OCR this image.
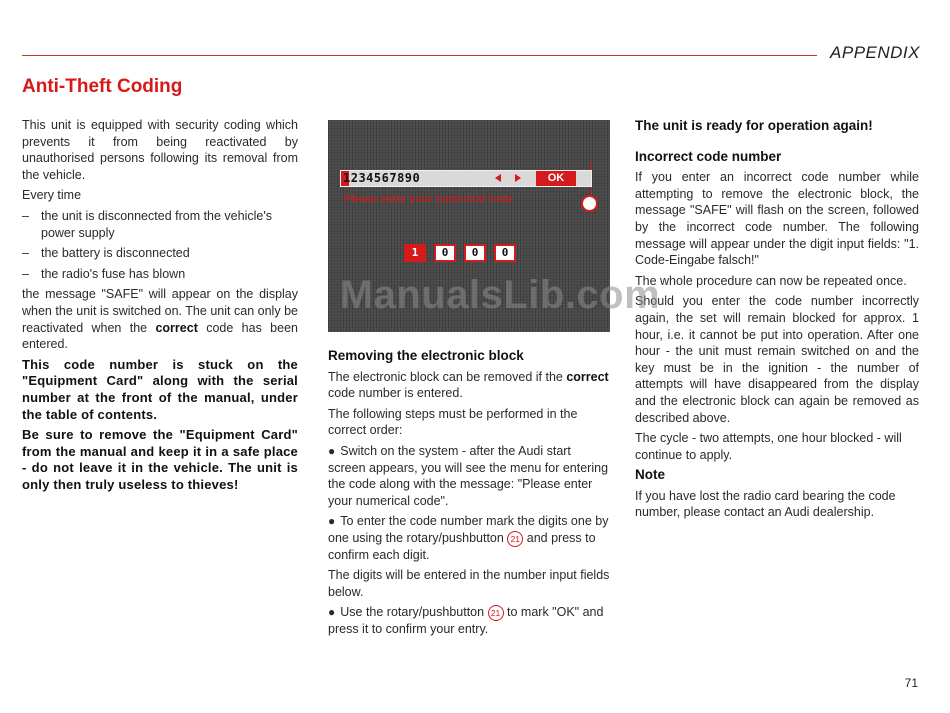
APPENDIX
Anti-Theft Coding

This unit is equipped with security coding which prevents it from being reactivated by unauthorised persons following its removal from the vehicle.

Every time

– the unit is disconnected from the vehicle's power supply
– the battery is disconnected
– the radio's fuse has blown

the message "SAFE" will appear on the display when the unit is switched on. The unit can only be reactivated when the correct code has been entered.

This code number is stuck on the "Equipment Card" along with the serial number at the front of the manual, under the table of contents.

Be sure to remove the "Equipment Card" from the manual and keep it in a safe place - do not leave it in the vehicle. The unit is only then truly useless to thieves!

1234567890	OK
Please enter your numerical code
1	0	0	0

Removing the electronic block

The electronic block can be removed if the correct code number is entered.

The following steps must be performed in the correct order:

● Switch on the system - after the Audi start screen appears, you will see the menu for entering the code along with the message: "Please enter your numerical code".

● To enter the code number mark the digits one by one using the rotary/pushbutton 21 and press to confirm each digit.

The digits will be entered in the number input fields below.

● Use the rotary/pushbutton 21 to mark "OK" and press it to confirm your entry.

The unit is ready for operation again!

Incorrect code number

If you enter an incorrect code number while attempting to remove the electronic block, the message "SAFE" will flash on the screen, followed by the incorrect code number. The following message will appear under the digit input fields: "1. Code-Eingabe falsch!"

The whole procedure can now be repeated once.

Should you enter the code number incorrectly again, the set will remain blocked for approx. 1 hour, i.e. it cannot be put into operation. After one hour - the unit must remain switched on and the key must be in the ignition - the number of attempts will have disappeared from the display and the electronic block can again be removed as described above.

The cycle - two attempts, one hour blocked - will continue to apply.

Note

If you have lost the radio card bearing the code number, please contact an Audi dealership.

ManualsLib.com
71
